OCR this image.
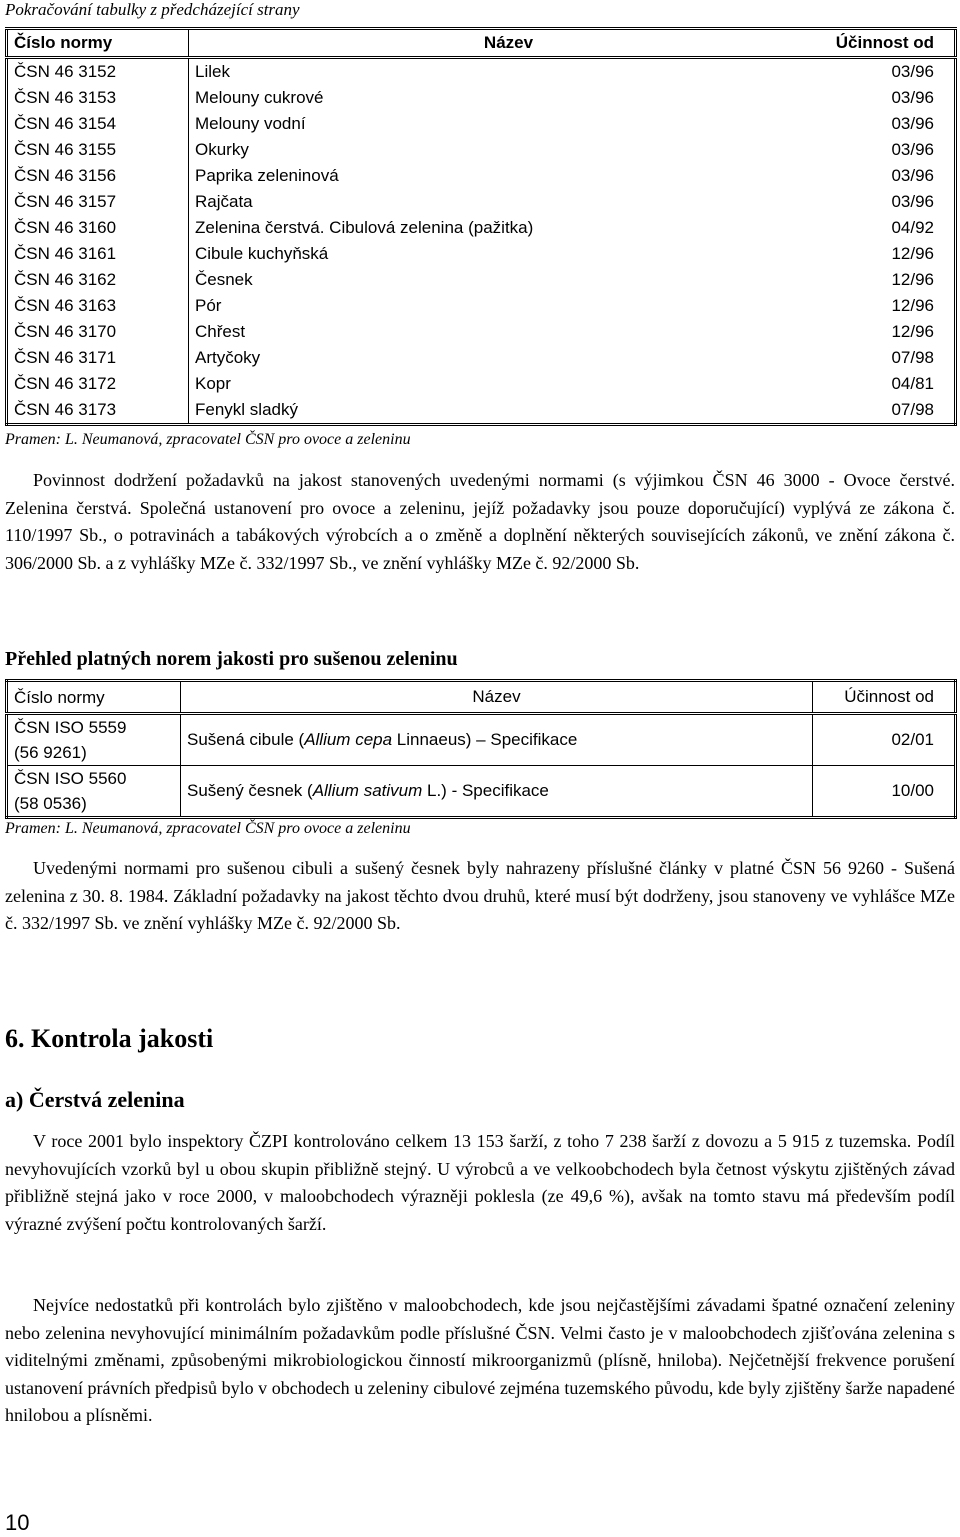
Pokračování tabulky z předcházející strany
Číslo normy	Název	Účinnost od
ČSN 46 3152	Lilek	03/96
ČSN 46 3153	Melouny cukrové	03/96
ČSN 46 3154	Melouny vodní	03/96
ČSN 46 3155	Okurky	03/96
ČSN 46 3156	Paprika zeleninová	03/96
ČSN 46 3157	Rajčata	03/96
ČSN 46 3160	Zelenina čerstvá. Cibulová zelenina (pažitka)	04/92
ČSN 46 3161	Cibule kuchyňská	12/96
ČSN 46 3162	Česnek	12/96
ČSN 46 3163	Pór	12/96
ČSN 46 3170	Chřest	12/96
ČSN 46 3171	Artyčoky	07/98
ČSN 46 3172	Kopr	04/81
ČSN 46 3173	Fenykl sladký	07/98
Pramen: L. Neumanová, zpracovatel ČSN pro ovoce a zeleninu

Povinnost dodržení požadavků na jakost stanovených uvedenými normami (s výjimkou ČSN 46 3000 - Ovoce čerstvé. Zelenina čerstvá. Společná ustanovení pro ovoce a zeleninu, jejíž požadavky jsou pouze doporučující) vyplývá ze zákona č. 110/1997 Sb., o potravinách a tabákových výrobcích a o změně a doplnění některých souvisejících zákonů, ve znění zákona č. 306/2000 Sb. a z vyhlášky MZe č. 332/1997 Sb., ve znění vyhlášky MZe č. 92/2000 Sb.

Přehled platných norem jakosti pro sušenou zeleninu
Číslo normy	Název	Účinnost od
ČSN ISO 5559
(56 9261)	Sušená cibule (Allium cepa Linnaeus) – Specifikace	02/01
ČSN ISO 5560
(58 0536)	Sušený česnek (Allium sativum L.) - Specifikace	10/00
Pramen: L. Neumanová, zpracovatel ČSN pro ovoce a zeleninu

Uvedenými normami pro sušenou cibuli a sušený česnek byly nahrazeny příslušné články v platné ČSN 56 9260 - Sušená zelenina z 30. 8. 1984. Základní požadavky na jakost těchto dvou druhů, které musí být dodrženy, jsou stanoveny ve vyhlášce MZe č. 332/1997 Sb. ve znění vyhlášky MZe č. 92/2000 Sb.

6. Kontrola jakosti
a) Čerstvá zelenina

V roce 2001 bylo inspektory ČZPI kontrolováno celkem 13 153 šarží, z toho 7 238 šarží z dovozu a 5 915 z tuzemska. Podíl nevyhovujících vzorků byl u obou skupin přibližně stejný. U výrobců a ve velkoobchodech byla četnost výskytu zjištěných závad přibližně stejná jako v roce 2000, v maloobchodech výrazněji poklesla (ze 49,6 %), avšak na tomto stavu má především podíl výrazné zvýšení počtu kontrolovaných šarží.

Nejvíce nedostatků při kontrolách bylo zjištěno v maloobchodech, kde jsou nejčastějšími závadami špatné označení zeleniny nebo zelenina nevyhovující minimálním požadavkům podle příslušné ČSN. Velmi často je v maloobchodech zjišťována zelenina s viditelnými změnami, způsobenými mikrobiologickou činností mikroorganizmů (plísně, hniloba). Nejčetnější frekvence porušení ustanovení právních předpisů bylo v obchodech u zeleniny cibulové zejména tuzemského původu, kde byly zjištěny šarže napadené hnilobou a plísněmi.

10
